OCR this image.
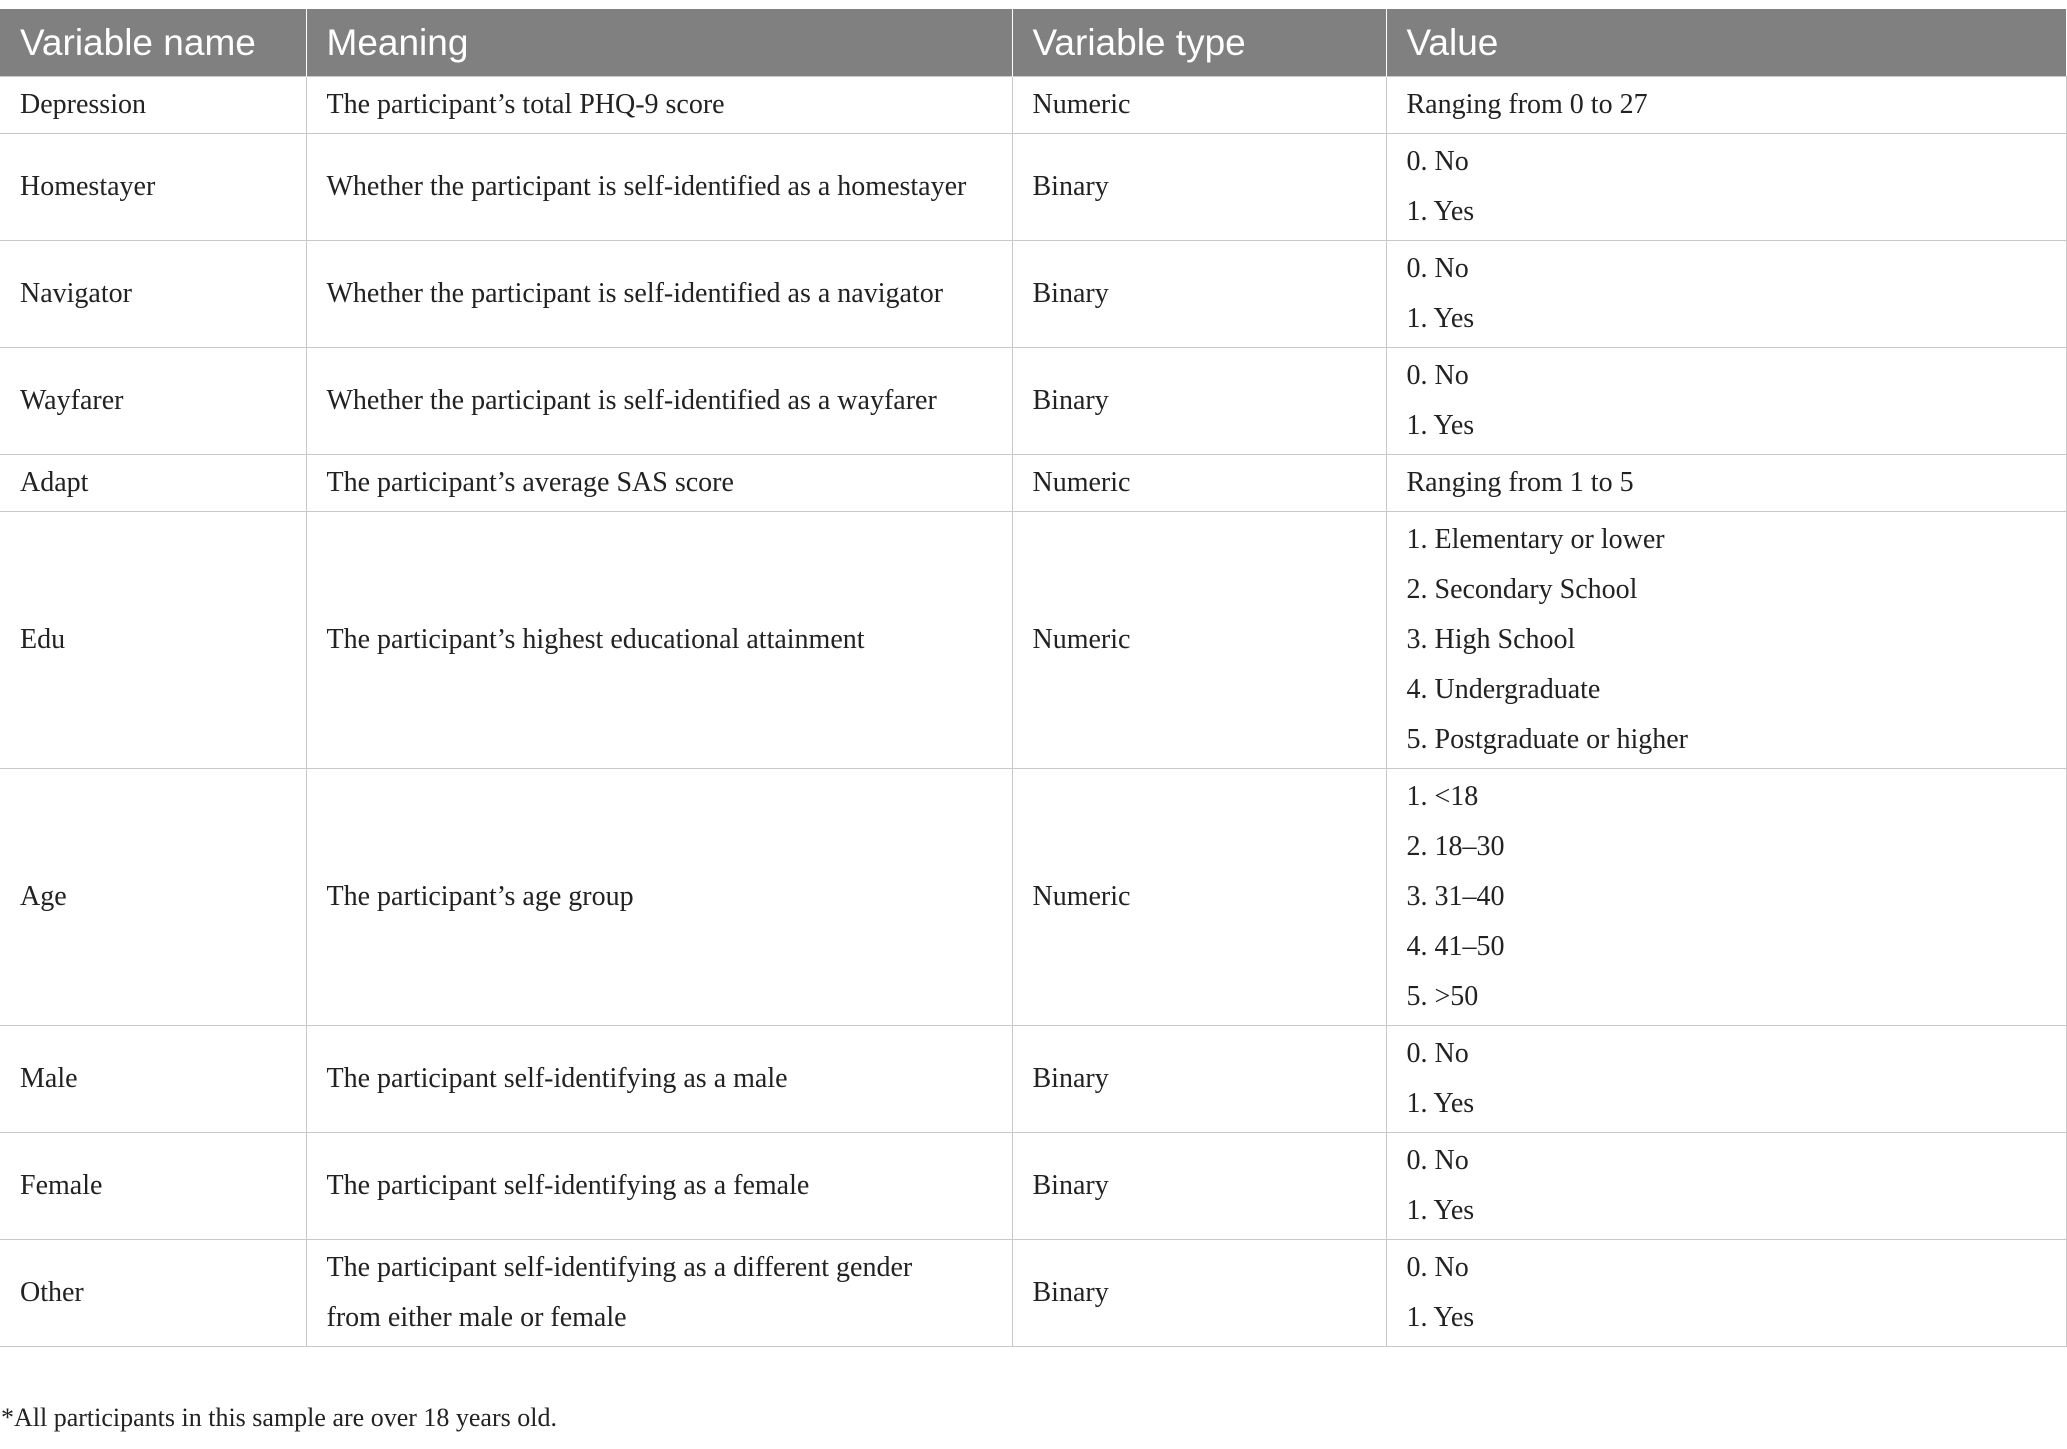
Variable name	Meaning	Variable type	Value
Depression	The participant’s total PHQ-9 score	Numeric	Ranging from 0 to 27

Homestayer	Whether the participant is self-identified as a homestayer	Binary	0. No
1. Yes

Navigator	Whether the participant is self-identified as a navigator	Binary	0. No
1. Yes

Wayfarer	Whether the participant is self-identified as a wayfarer	Binary	0. No
1. Yes

Adapt	The participant’s average SAS score	Numeric	Ranging from 1 to 5

Edu	The participant’s highest educational attainment	Numeric	1. Elementary or lower
2. Secondary School
3. High School
4. Undergraduate
5. Postgraduate or higher

Age	The participant’s age group	Numeric	1. <18
2. 18–30
3. 31–40
4. 41–50
5. >50

Male	The participant self-identifying as a male	Binary	0. No
1. Yes

Female	The participant self-identifying as a female	Binary	0. No
1. Yes

Other	The participant self-identifying as a different gender
from either male or female	Binary	0. No
1. Yes
*All participants in this sample are over 18 years old.
